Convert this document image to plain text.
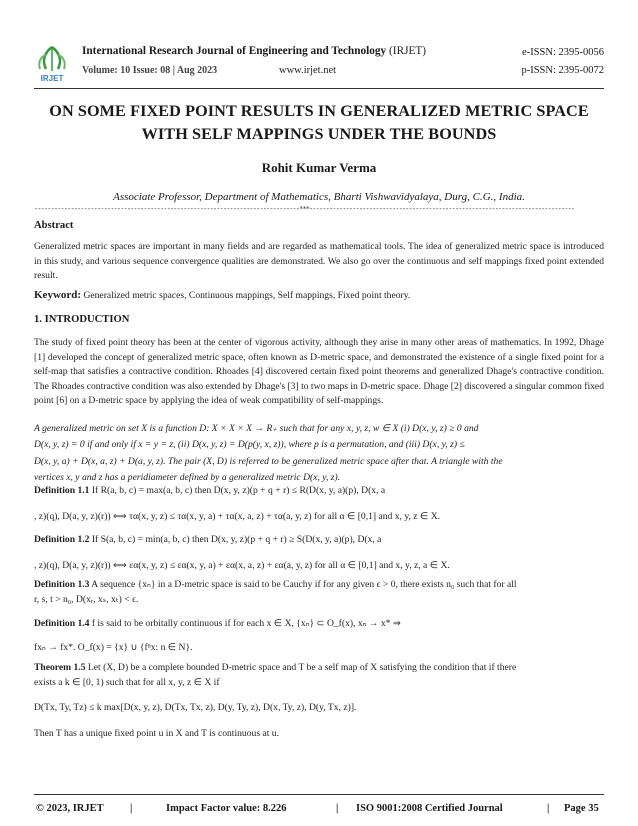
IRJET
International Research Journal of Engineering and Technology (IRJET)	e-ISSN: 2395-0056
Volume: 10 Issue: 08 | Aug 2023	www.irjet.net	p-ISSN: 2395-0072
ON SOME FIXED POINT RESULTS IN GENERALIZED METRIC SPACE WITH SELF MAPPINGS UNDER THE BOUNDS
Rohit Kumar Verma
Associate Professor, Department of Mathematics, Bharti Vishwavidyalaya, Durg, C.G., India.
--------------------------------------------------------------------------------***--------------------------------------------------------------------------------
Abstract
Generalized metric spaces are important in many fields and are regarded as mathematical tools. The idea of generalized metric space is introduced in this study, and various sequence convergence qualities are demonstrated. We also go over the continuous and self mappings fixed point extended result.
Keyword: Generalized metric spaces, Continuous mappings, Self mappings, Fixed point theory.
1. INTRODUCTION
The study of fixed point theory has been at the center of vigorous activity, although they arise in many other areas of mathematics. In 1992, Dhage [1] developed the concept of generalized metric space, often known as D-metric space, and demonstrated the existence of a single fixed point for a self-map that satisfies a contractive condition. Rhoades [4] discovered certain fixed point theorems and generalized Dhage's contractive condition. The Rhoades contractive condition was also extended by Dhage's [3] to two maps in D-metric space. Dhage [2] discovered a singular common fixed point [6] on a D-metric space by applying the idea of weak compatibility of self-mappings.
A generalized metric on set X is a function D: X × X × X → R₊ such that for any x, y, z, w ∈ X (i) D(x, y, z) ≥ 0 and
D(x, y, z) = 0 if and only if x = y = z, (ii) D(x, y, z) = D(p(y, x, z)), where p is a permutation, and (iii) D(x, y, z) ≤
D(x, y, a) + D(x, a, z) + D(a, y, z). The pair (X, D) is referred to be generalized metric space after that. A triangle with the
vertices x, y and z has a peridiameter defined by a generalized metric D(x, y, z).
Definition 1.1 If R(a, b, c) = max(a, b, c) then D(x, y, z)(p + q + r) ≤ R(D(x, y, a)(p), D(x, a
, z)(q), D(a, y, z)(r)) ⟺ τα(x, y, z) ≤ τα(x, y, a) + τα(x, a, z) + τα(a, y, z) for all α ∈ [0,1] and x, y, z ∈ X.
Definition 1.2 If S(a, b, c) = min(a, b, c) then D(x, y, z)(p + q + r) ≥ S(D(x, y, a)(p), D(x, a
, z)(q), D(a, y, z)(r)) ⟺ εα(x, y, z) ≤ εα(x, y, a) + εα(x, a, z) + εα(a, y, z) for all α ∈ [0,1] and x, y, z, a ∈ X.
Definition 1.3 A sequence {xₙ} in a D-metric space is said to be Cauchy if for any given ϵ > 0, there exists n₀ such that for all
r, s, t > n₀, D(xᵣ, xₛ, xₜ) < ϵ.
Definition 1.4 f is said to be orbitally continuous if for each x ∈ X, {xₙ} ⊂ O_f(x), xₙ → x* ⇒
fxₙ → fx*. O_f(x) = {x} ∪ {fⁿx: n ∈ N}.
Theorem 1.5 Let (X, D) be a complete bounded D-metric space and T be a self map of X satisfying the condition that if there
exists a k ∈ [0, 1) such that for all x, y, z ∈ X if
D(Tx, Ty, Tz) ≤ k max[D(x, y, z), D(Tx, Tx, z), D(y, Ty, z), D(x, Ty, z), D(y, Tx, z)].
Then T has a unique fixed point u in X and T is continuous at u.
© 2023, IRJET	|	Impact Factor value: 8.226	| ISO 9001:2008 Certified Journal	| Page 35
